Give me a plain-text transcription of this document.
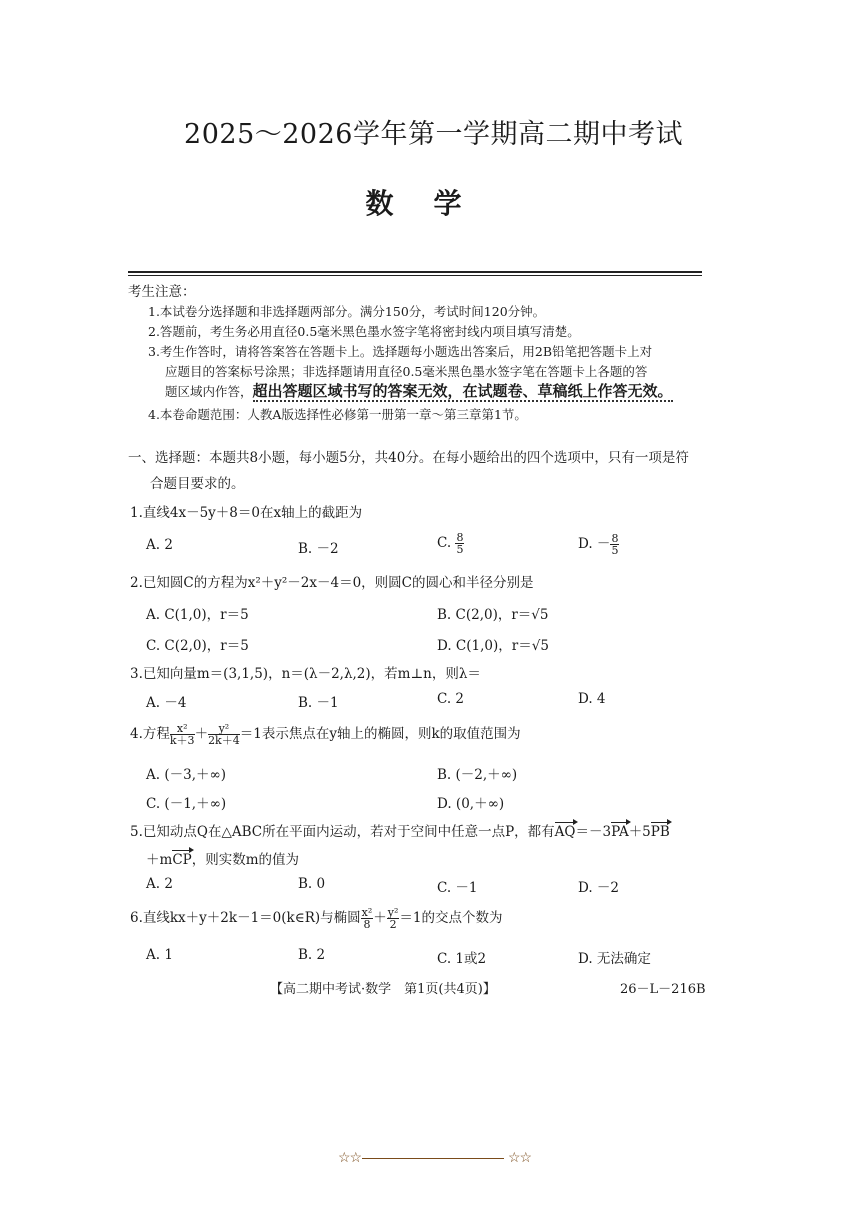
2025～2026学年第一学期高二期中考试
数学
考生注意：
1.本试卷分选择题和非选择题两部分。满分150分，考试时间120分钟。
2.答题前，考生务必用直径0.5毫米黑色墨水签字笔将密封线内项目填写清楚。
3.考生作答时，请将答案答在答题卡上。选择题每小题选出答案后，用2B铅笔把答题卡上对
应题目的答案标号涂黑；非选择题请用直径0.5毫米黑色墨水签字笔在答题卡上各题的答
题区域内作答，超出答题区域书写的答案无效，在试题卷、草稿纸上作答无效。
4.本卷命题范围：人教A版选择性必修第一册第一章～第三章第1节。
一、选择题：本题共8小题，每小题5分，共40分。在每小题给出的四个选项中，只有一项是符
合题目要求的。
1.直线4x－5y＋8＝0在x轴上的截距为
A. 2	B. －2	C. $\frac{8}{5}$	D. － $\frac{8}{5}$
2.已知圆C的方程为x²＋y²－2x－4＝0，则圆C的圆心和半径分别是
A. C(1,0)，r＝5	B. C(2,0)，r＝√5
C. C(2,0)，r＝5	D. C(1,0)，r＝√5
3.已知向量m＝(3,1,5)，n＝(λ－2,λ,2)，若m⊥n，则λ＝
A. －4	B. －1	C. 2	D. 4
4.方程 $\frac{\text{x²}}{k+3} + \frac{\text{y²}}{2k+4} =1$表示焦点在y轴上的椭圆，则k的取值范围为
A. (－3,＋∞)	B. (－2,＋∞)
C. (－1,＋∞)	D. (0,＋∞)
5.已知动点Q在△ABC所在平面内运动，若对于空间中任意一点P，都有AQ＝－3PA＋5PB
＋mCP，则实数m的值为
A. 2	B. 0	C. －1	D. －2
6.直线kx＋y＋2k－1＝0(k∈R)与椭圆 $\frac{\text{x²}}{8} + \frac{\text{y²}}{2} =1$的交点个数为
A. 1	B. 2	C. 1或2	D. 无法确定
【高二期中考试·数学　第1页(共4页)】	26－L－216B
☆☆	☆☆
